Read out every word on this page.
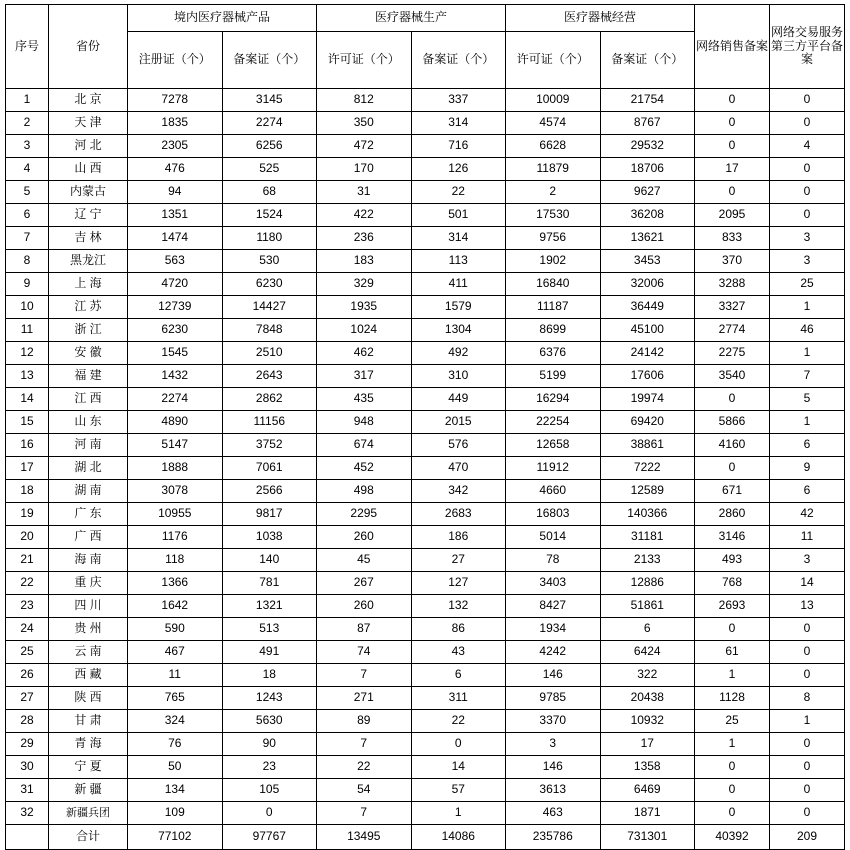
序号	省份	境内医疗器械产品		医疗器械生产		医疗器械经营		网络销售备案	网络交易服务第三方平台备案
		注册证（个）	备案证（个）	许可证（个）	备案证（个）	许可证（个）	备案证（个）		
1	北 京	7278	3145	812	337	10009	21754	0	0
2	天 津	1835	2274	350	314	4574	8767	0	0
3	河 北	2305	6256	472	716	6628	29532	0	4
4	山 西	476	525	170	126	11879	18706	17	0
5	内蒙古	94	68	31	22	2	9627	0	0
6	辽 宁	1351	1524	422	501	17530	36208	2095	0
7	吉 林	1474	1180	236	314	9756	13621	833	3
8	黑龙江	563	530	183	113	1902	3453	370	3
9	上 海	4720	6230	329	411	16840	32006	3288	25
10	江 苏	12739	14427	1935	1579	11187	36449	3327	1
11	浙 江	6230	7848	1024	1304	8699	45100	2774	46
12	安 徽	1545	2510	462	492	6376	24142	2275	1
13	福 建	1432	2643	317	310	5199	17606	3540	7
14	江 西	2274	2862	435	449	16294	19974	0	5
15	山 东	4890	11156	948	2015	22254	69420	5866	1
16	河 南	5147	3752	674	576	12658	38861	4160	6
17	湖 北	1888	7061	452	470	11912	7222	0	9
18	湖 南	3078	2566	498	342	4660	12589	671	6
19	广 东	10955	9817	2295	2683	16803	140366	2860	42
20	广 西	1176	1038	260	186	5014	31181	3146	11
21	海 南	118	140	45	27	78	2133	493	3
22	重 庆	1366	781	267	127	3403	12886	768	14
23	四 川	1642	1321	260	132	8427	51861	2693	13
24	贵 州	590	513	87	86	1934	6	0	0
25	云 南	467	491	74	43	4242	6424	61	0
26	西 藏	11	18	7	6	146	322	1	0
27	陕 西	765	1243	271	311	9785	20438	1128	8
28	甘 肃	324	5630	89	22	3370	10932	25	1
29	青 海	76	90	7	0	3	17	1	0
30	宁 夏	50	23	22	14	146	1358	0	0
31	新 疆	134	105	54	57	3613	6469	0	0
32	新疆兵团	109	0	7	1	463	1871	0	0
	合计	77102	97767	13495	14086	235786	731301	40392	209
